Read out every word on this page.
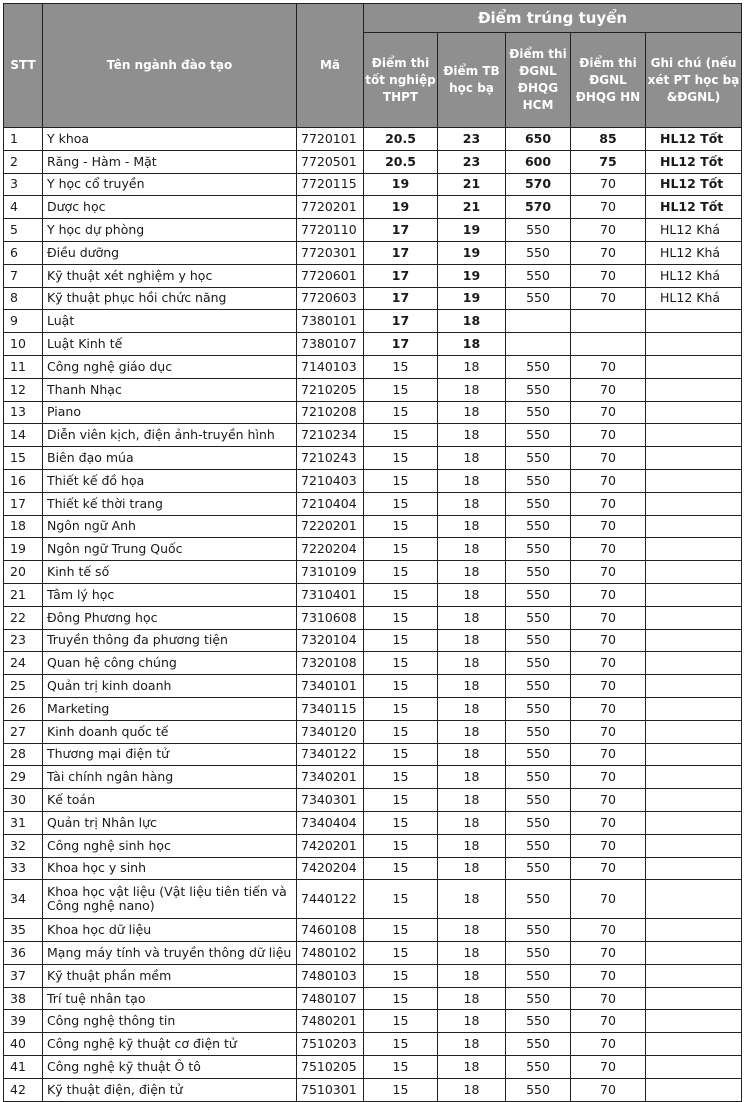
STT	Tên ngành đào tạo	Mã	Điểm trúng tuyển				
			Điểm thi tốt nghiệp THPT	Điểm TB học bạ	Điểm thi ĐGNL ĐHQG HCM	Điểm thi ĐGNL ĐHQG HN	Ghi chú (nếu xét PT học bạ &ĐGNL)
1	Y khoa	7720101	20.5	23	650	85	HL12 Tốt
2	Răng - Hàm - Mặt	7720501	20.5	23	600	75	HL12 Tốt
3	Y học cổ truyền	7720115	19	21	570	70	HL12 Tốt
4	Dược học	7720201	19	21	570	70	HL12 Tốt
5	Y học dự phòng	7720110	17	19	550	70	HL12 Khá
6	Điều dưỡng	7720301	17	19	550	70	HL12 Khá
7	Kỹ thuật xét nghiệm y học	7720601	17	19	550	70	HL12 Khá
8	Kỹ thuật phục hồi chức năng	7720603	17	19	550	70	HL12 Khá
9	Luật	7380101	17	18			
10	Luật Kinh tế	7380107	17	18			
11	Công nghệ giáo dục	7140103	15	18	550	70	
12	Thanh Nhạc	7210205	15	18	550	70	
13	Piano	7210208	15	18	550	70	
14	Diễn viên kịch, điện ảnh-truyền hình	7210234	15	18	550	70	
15	Biên đạo múa	7210243	15	18	550	70	
16	Thiết kế đồ họa	7210403	15	18	550	70	
17	Thiết kế thời trang	7210404	15	18	550	70	
18	Ngôn ngữ Anh	7220201	15	18	550	70	
19	Ngôn ngữ Trung Quốc	7220204	15	18	550	70	
20	Kinh tế số	7310109	15	18	550	70	
21	Tâm lý học	7310401	15	18	550	70	
22	Đông Phương học	7310608	15	18	550	70	
23	Truyền thông đa phương tiện	7320104	15	18	550	70	
24	Quan hệ công chúng	7320108	15	18	550	70	
25	Quản trị kinh doanh	7340101	15	18	550	70	
26	Marketing	7340115	15	18	550	70	
27	Kinh doanh quốc tế	7340120	15	18	550	70	
28	Thương mại điện tử	7340122	15	18	550	70	
29	Tài chính ngân hàng	7340201	15	18	550	70	
30	Kế toán	7340301	15	18	550	70	
31	Quản trị Nhân lực	7340404	15	18	550	70	
32	Công nghệ sinh học	7420201	15	18	550	70	
33	Khoa học y sinh	7420204	15	18	550	70	
34	Khoa học vật liệu (Vật liệu tiên tiến và Công nghệ nano)	7440122	15	18	550	70	
35	Khoa học dữ liệu	7460108	15	18	550	70	
36	Mạng máy tính và truyền thông dữ liệu	7480102	15	18	550	70	
37	Kỹ thuật phần mềm	7480103	15	18	550	70	
38	Trí tuệ nhân tạo	7480107	15	18	550	70	
39	Công nghệ thông tin	7480201	15	18	550	70	
40	Công nghệ kỹ thuật cơ điện tử	7510203	15	18	550	70	
41	Công nghệ kỹ thuật Ô tô	7510205	15	18	550	70	
42	Kỹ thuật điện, điện tử	7510301	15	18	550	70	
